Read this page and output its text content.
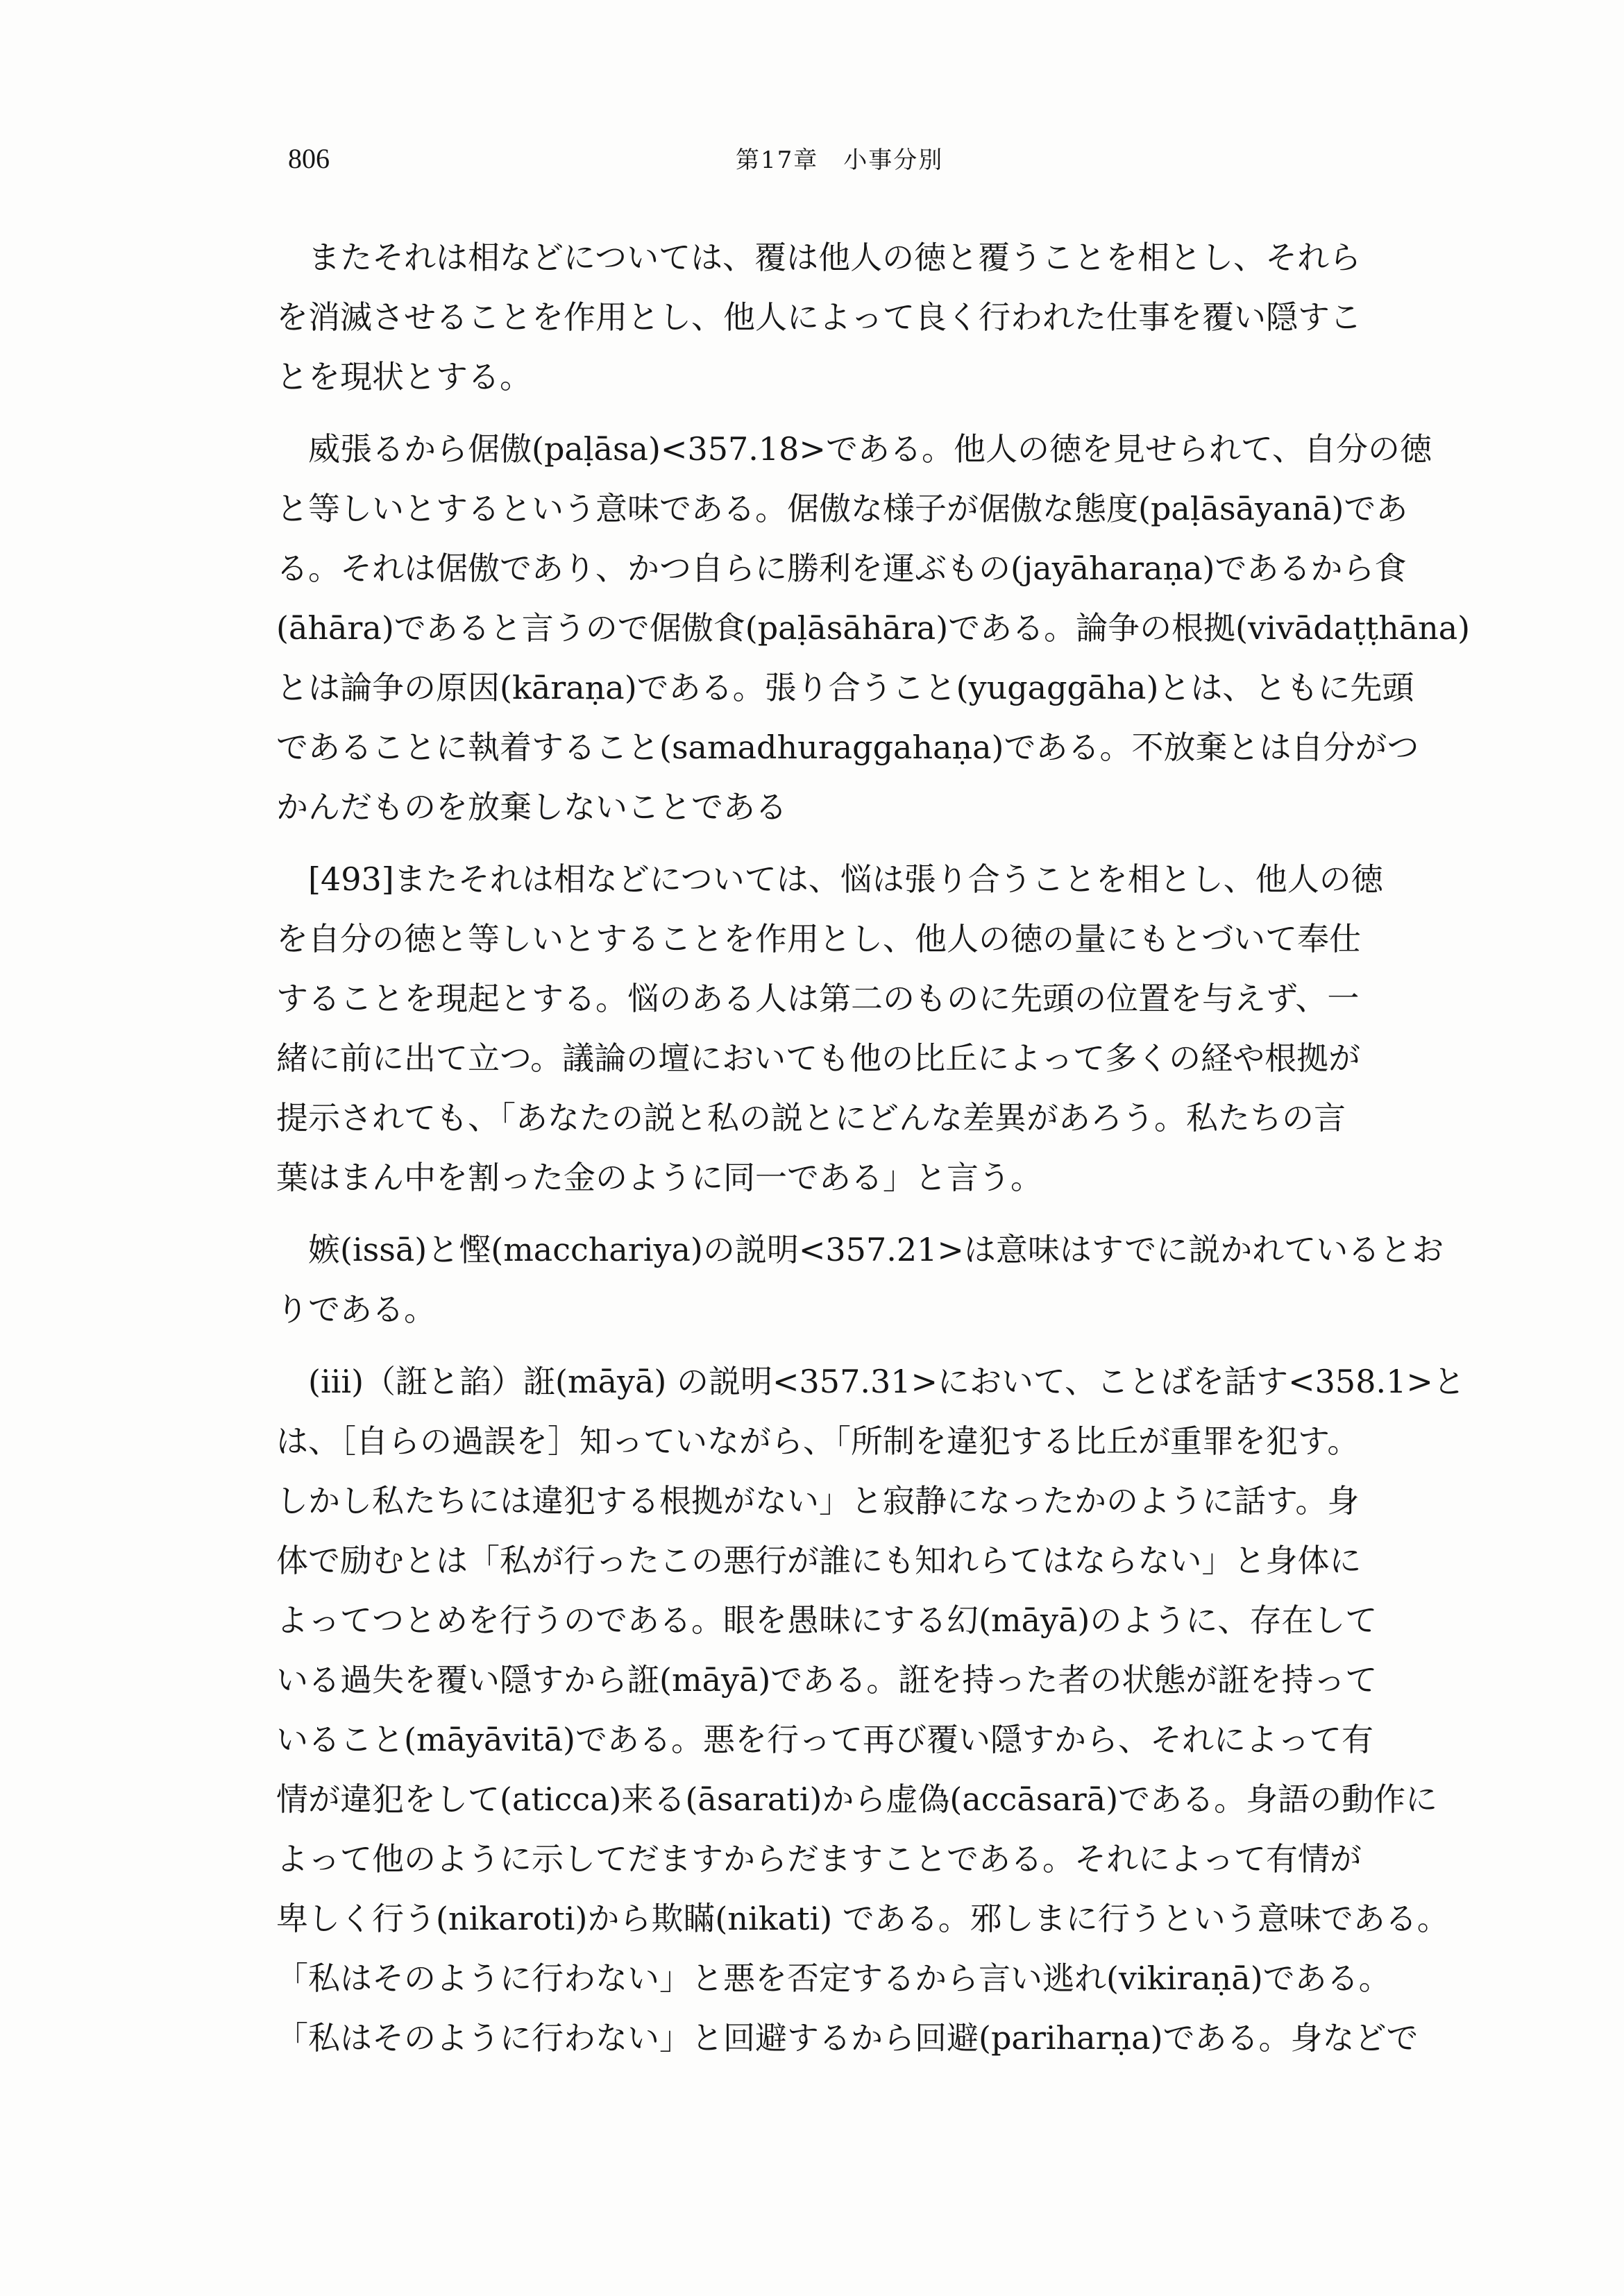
806	第17章　小事分別

またそれは相などについては、覆は他人の徳と覆うことを相とし、それら
を消滅させることを作用とし、他人によって良く行われた仕事を覆い隠すこ
とを現状とする。

威張るから倨傲(paḷāsa)<357.18>である。他人の徳を見せられて、自分の徳
と等しいとするという意味である。倨傲な様子が倨傲な態度(paḷāsāyanā)であ
る。それは倨傲であり、かつ自らに勝利を運ぶもの(jayāharaṇa)であるから食
(āhāra)であると言うので倨傲食(paḷāsāhāra)である。論争の根拠(vivādaṭṭhāna)
とは論争の原因(kāraṇa)である。張り合うこと(yugaggāha)とは、ともに先頭
であることに執着すること(samadhuraggahaṇa)である。不放棄とは自分がつ
かんだものを放棄しないことである

[493]またそれは相などについては、悩は張り合うことを相とし、他人の徳
を自分の徳と等しいとすることを作用とし、他人の徳の量にもとづいて奉仕
することを現起とする。悩のある人は第二のものに先頭の位置を与えず、一
緒に前に出て立つ。議論の壇においても他の比丘によって多くの経や根拠が
提示されても、「あなたの説と私の説とにどんな差異があろう。私たちの言
葉はまん中を割った金のように同一である」と言う。

嫉(issā)と慳(macchariya)の説明<357.21>は意味はすでに説かれているとお
りである。

(iii)（誑と諂）誑(māyā) の説明<357.31>において、ことばを話す<358.1>と
は、［自らの過誤を］知っていながら、「所制を違犯する比丘が重罪を犯す。
しかし私たちには違犯する根拠がない」と寂静になったかのように話す。身
体で励むとは「私が行ったこの悪行が誰にも知れらてはならない」と身体に
よってつとめを行うのである。眼を愚昧にする幻(māyā)のように、存在して
いる過失を覆い隠すから誑(māyā)である。誑を持った者の状態が誑を持って
いること(māyāvitā)である。悪を行って再び覆い隠すから、それによって有
情が違犯をして(aticca)来る(āsarati)から虚偽(accāsarā)である。身語の動作に
よって他のように示してだますからだますことである。それによって有情が
卑しく行う(nikaroti)から欺瞞(nikati) である。邪しまに行うという意味である。
「私はそのように行わない」と悪を否定するから言い逃れ(vikiraṇā)である。
「私はそのように行わない」と回避するから回避(pariharṇa)である。身などで
